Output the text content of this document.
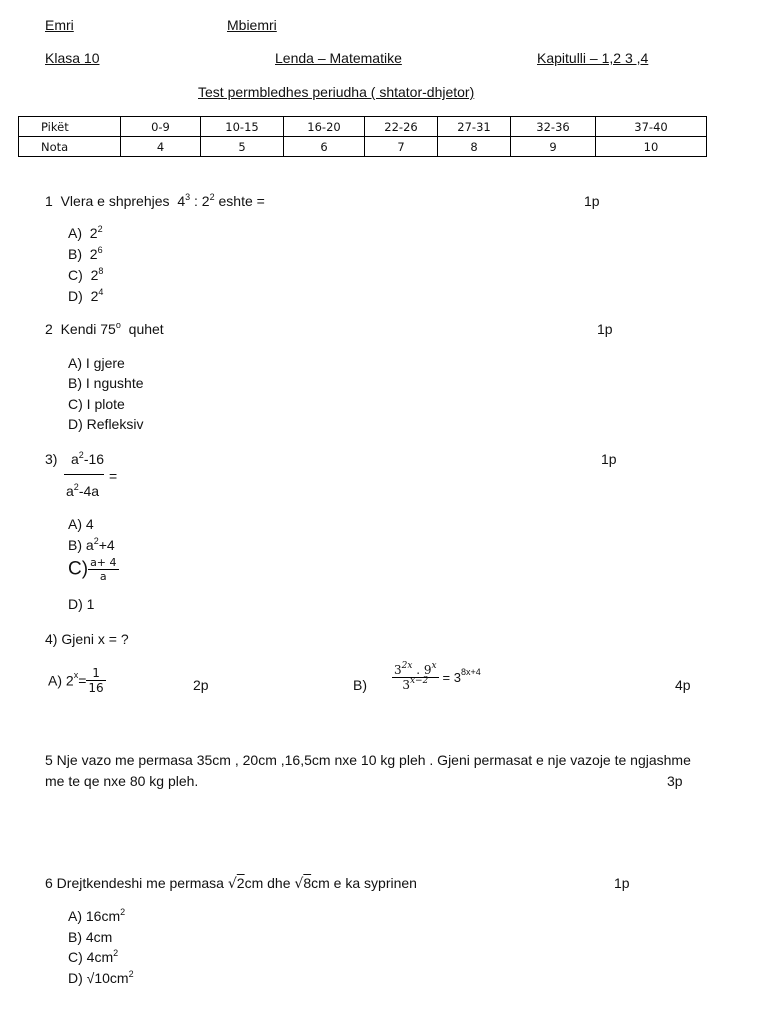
Emri	Mbiemri
Klasa 10	Lenda – Matematike	Kapitulli – 1,2 3 ,4
Test permbledhes periudha ( shtator-dhjetor)
Pikët	0-9	10-15	16-20	22-26	27-31	32-36	37-40
Nota	4	5	6	7	8	9	10
1 Vlera e shprehjes $4^3$ : $2^2$ eshte =	1p
A) $2^2$
B) $2^6$
C) $2^8$
D) $2^4$
2 Kendi 75$^o$ quhet	1p
A) I gjere
B) I ngushte
C) I plote
D) Refleksiv
3) $a^2-16$
$a^2-4a$
=
1p
A) 4
B) $a^2+4$
$C) \frac{a+ 4}{a}$
D) 1
4) Gjeni x = ?
A) $2^x= \frac{1}{16}$	2p	$B) \frac{3^{2x} . 9^x}{3^{x-2}} = 3^{8x+4}$
4p
5 Nje vazo me permasa 35cm , 20cm ,16,5cm nxe 10 kg pleh . Gjeni permasat e nje vazoje te ngjashme
me te qe nxe 80 kg pleh.	3p
6 Drejtkendeshi me permasa √2cm dhe √8cm e ka syprinen	1p
A) $16cm^2$
B) 4cm
C) $4cm^2$
D) $√10cm^2$
